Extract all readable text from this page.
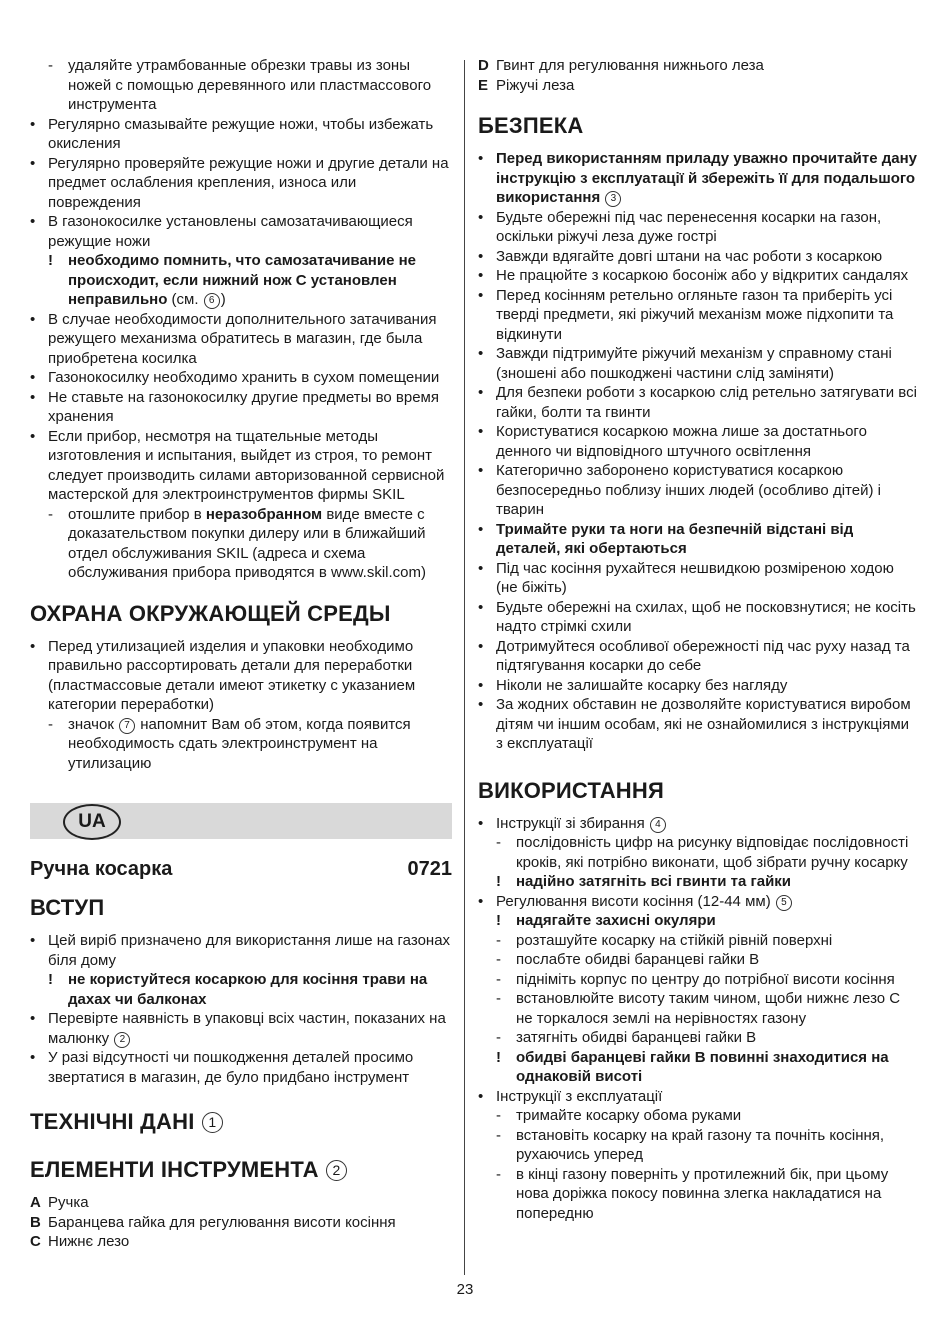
-	удаляйте утрамбованные обрезки травы из зоны ножей с помощью деревянного или пластмассового инструмента
• Регулярно смазывайте режущие ножи, чтобы избежать окисления
• Регулярно проверяйте режущие ножи и другие детали на предмет ослабления крепления, износа или повреждения
• В газонокосилке установлены самозатачивающиеся режущие ножи
!	необходимо помнить, что самозатачивание не происходит, если нижний нож С установлен неправильно (см. 6 )
• В случае необходимости дополнительного затачивания режущего механизма обратитесь в магазин, где была приобретена косилка
• Газонокосилку необходимо хранить в сухом помещении
• Не ставьте на газонокосилку другие предметы во время хранения
• Если прибор, несмотря на тщательные методы изготовления и испытания, выйдет из строя, то ремонт следует производить силами авторизованной сервисной мастерской для электроинструментов фирмы SKIL
-	отошлите прибор в неразобранном виде вместе с доказательством покупки дилеру или в ближайший отдел обслуживания SKIL (адреса и схема обслуживания прибора приводятся в www.skil.com)
ОХРАНА ОКРУЖАЮЩЕЙ СРЕДЫ
• Перед утилизацией изделия и упаковки необходимо правильно рассортировать детали для переработки (пластмассовые детали имеют этикетку с указанием категории переработки)
-	значок 7 напомнит Вам об этом, когда появится необходимость сдать электроинструмент на утилизацию
UA
Ручна косарка	0721
ВСТУП
• Цей виріб призначено для використання лише на газонах біля дому
!	не користуйтеся косаркою для косіння трави на дахах чи балконах
• Перевірте наявність в упаковці всіх частин, показаних на малюнку 2
• У разі відсутності чи пошкодження деталей просимо звертатися в магазин, де було придбано інструмент
ТЕХНІЧНІ ДАНІ 1
ЕЛЕМЕНТИ ІНСТРУМЕНТА 2
A Ручка
B Баранцева гайка для регулювання висоти косіння
C Нижнє лезо
D Гвинт для регулювання нижнього леза
E Ріжучі леза
БЕЗПЕКА
• Перед використанням приладу уважно прочитайте дану інструкцію з експлуатації й збережіть її для подальшого використання 3
• Будьте обережні під час перенесення косарки на газон, оскільки ріжучі леза дуже гострі
• Завжди вдягайте довгі штани на час роботи з косаркою
• Не працюйте з косаркою босоніж або у відкритих сандалях
• Перед косінням ретельно огляньте газон та приберіть усі тверді предмети, які ріжучий механізм може підхопити та відкинути
• Завжди підтримуйте ріжучий механізм у справному стані (зношені або пошкоджені частини слід заміняти)
• Для безпеки роботи з косаркою слід ретельно затягувати всі гайки, болти та гвинти
• Користуватися косаркою можна лише за достатнього денного чи відповідного штучного освітлення
• Категорично заборонено користуватися косаркою безпосередньо поблизу інших людей (особливо дітей) і тварин
• Тримайте руки та ноги на безпечній відстані від деталей, які обертаються
• Під час косіння рухайтеся нешвидкою розміреною ходою (не біжіть)
• Будьте обережні на схилах, щоб не посковзнутися; не косіть надто стрімкі схили
• Дотримуйтеся особливої обережності під час руху назад та підтягування косарки до себе
• Ніколи не залишайте косарку без нагляду
• За жодних обставин не дозволяйте користуватися виробом дітям чи іншим особам, які не ознайомилися з інструкціями з експлуатації
ВИКОРИСТАННЯ
• Інструкції зі збирання 4
-	послідовність цифр на рисунку відповідає послідовності кроків, які потрібно виконати, щоб зібрати ручну косарку
!	надійно затягніть всі гвинти та гайки
• Регулювання висоти косіння (12-44 мм) 5
!	надягайте захисні окуляри
-	розташуйте косарку на стійкій рівній поверхні
-	послабте обидві баранцеві гайки B
-	підніміть корпус по центру до потрібної висоти косіння
-	встановлюйте висоту таким чином, щоби нижнє лезо C не торкалося землі на нерівностях газону
-	затягніть обидві баранцеві гайки B
!	обидві баранцеві гайки B повинні знаходитися на однаковій висоті
• Інструкції з експлуатації
-	тримайте косарку обома руками
-	встановіть косарку на край газону та почніть косіння, рухаючись уперед
-	в кінці газону поверніть у протилежний бік, при цьому нова доріжка покосу повинна злегка накладатися на попередню
23
